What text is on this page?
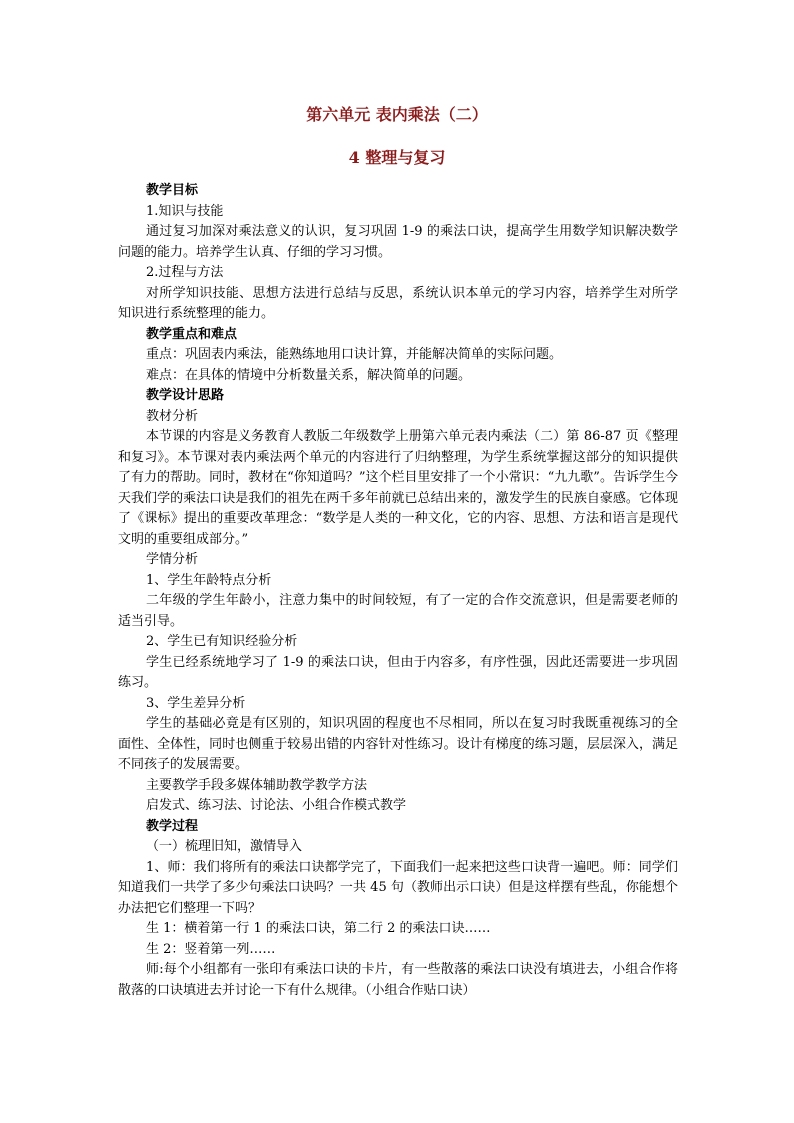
第六单元 表内乘法（二）
4 整理与复习

教学目标

1.知识与技能

通过复习加深对乘法意义的认识，复习巩固 1-9 的乘法口诀，提高学生用数学知识解决数学问题的能力。培养学生认真、仔细的学习习惯。

2.过程与方法

对所学知识技能、思想方法进行总结与反思，系统认识本单元的学习内容，培养学生对所学知识进行系统整理的能力。

教学重点和难点

重点：巩固表内乘法，能熟练地用口诀计算，并能解决简单的实际问题。

难点：在具体的情境中分析数量关系，解决简单的问题。

教学设计思路

教材分析

本节课的内容是义务教育人教版二年级数学上册第六单元表内乘法（二）第 86-87 页《整理和复习》。本节课对表内乘法两个单元的内容进行了归纳整理，为学生系统掌握这部分的知识提供了有力的帮助。同时，教材在“你知道吗？”这个栏目里安排了一个小常识：“九九歌”。告诉学生今天我们学的乘法口诀是我们的祖先在两千多年前就已总结出来的，激发学生的民族自豪感。它体现了《课标》提出的重要改革理念：“数学是人类的一种文化，它的内容、思想、方法和语言是现代文明的重要组成部分。”

学情分析

1、学生年龄特点分析

二年级的学生年龄小，注意力集中的时间较短，有了一定的合作交流意识，但是需要老师的适当引导。

2、学生已有知识经验分析

学生已经系统地学习了 1-9 的乘法口诀，但由于内容多，有序性强，因此还需要进一步巩固练习。

3、学生差异分析

学生的基础必竟是有区别的，知识巩固的程度也不尽相同，所以在复习时我既重视练习的全面性、全体性，同时也侧重于较易出错的内容针对性练习。设计有梯度的练习题，层层深入，满足不同孩子的发展需要。

主要教学手段多媒体辅助教学教学方法

启发式、练习法、讨论法、小组合作模式教学

教学过程

（一）梳理旧知，激情导入

1、师：我们将所有的乘法口诀都学完了，下面我们一起来把这些口诀背一遍吧。师：同学们知道我们一共学了多少句乘法口诀吗？一共 45 句（教师出示口诀）但是这样摆有些乱，你能想个办法把它们整理一下吗？

生 1：横着第一行 1 的乘法口诀，第二行 2 的乘法口诀……

生 2：竖着第一列……

师:每个小组都有一张印有乘法口诀的卡片，有一些散落的乘法口诀没有填进去，小组合作将散落的口诀填进去并讨论一下有什么规律。（小组合作贴口诀）
